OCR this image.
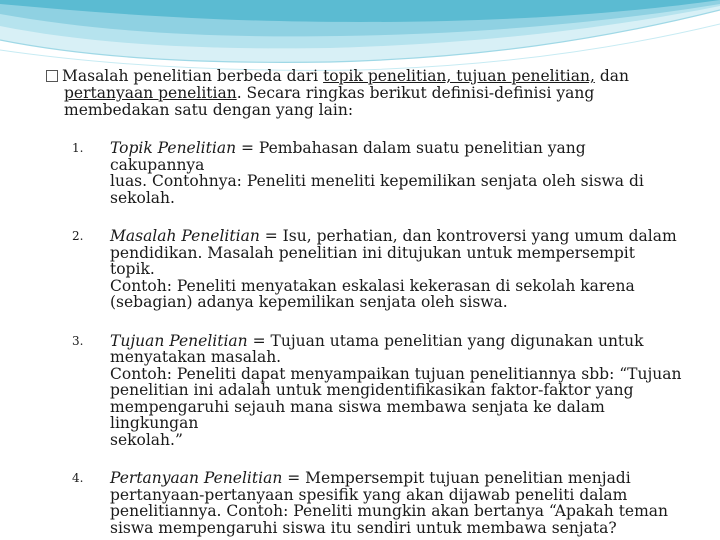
Masalah penelitian berbeda dari topik penelitian, tujuan penelitian, dan
pertanyaan penelitian. Secara ringkas berikut definisi-definisi yang
membedakan satu dengan yang lain:
1. Topik Penelitian = Pembahasan dalam suatu penelitian yang cakupannya
luas. Contohnya: Peneliti meneliti kepemilikan senjata oleh siswa di sekolah.
2. Masalah Penelitian = Isu, perhatian, dan kontroversi yang umum dalam
pendidikan. Masalah penelitian ini ditujukan untuk mempersempit topik.
Contoh: Peneliti menyatakan eskalasi kekerasan di sekolah karena
(sebagian) adanya kepemilikan senjata oleh siswa.
3. Tujuan Penelitian = Tujuan utama penelitian yang digunakan untuk
menyatakan masalah.
Contoh: Peneliti dapat menyampaikan tujuan penelitiannya sbb: “Tujuan
penelitian ini adalah untuk mengidentifikasikan faktor-faktor yang
mempengaruhi sejauh mana siswa membawa senjata ke dalam lingkungan
sekolah.”
4. Pertanyaan Penelitian = Mempersempit tujuan penelitian menjadi
pertanyaan-pertanyaan spesifik yang akan dijawab peneliti dalam
penelitiannya. Contoh: Peneliti mungkin akan bertanya “Apakah teman
siswa mempengaruhi siswa itu sendiri untuk membawa senjata?
